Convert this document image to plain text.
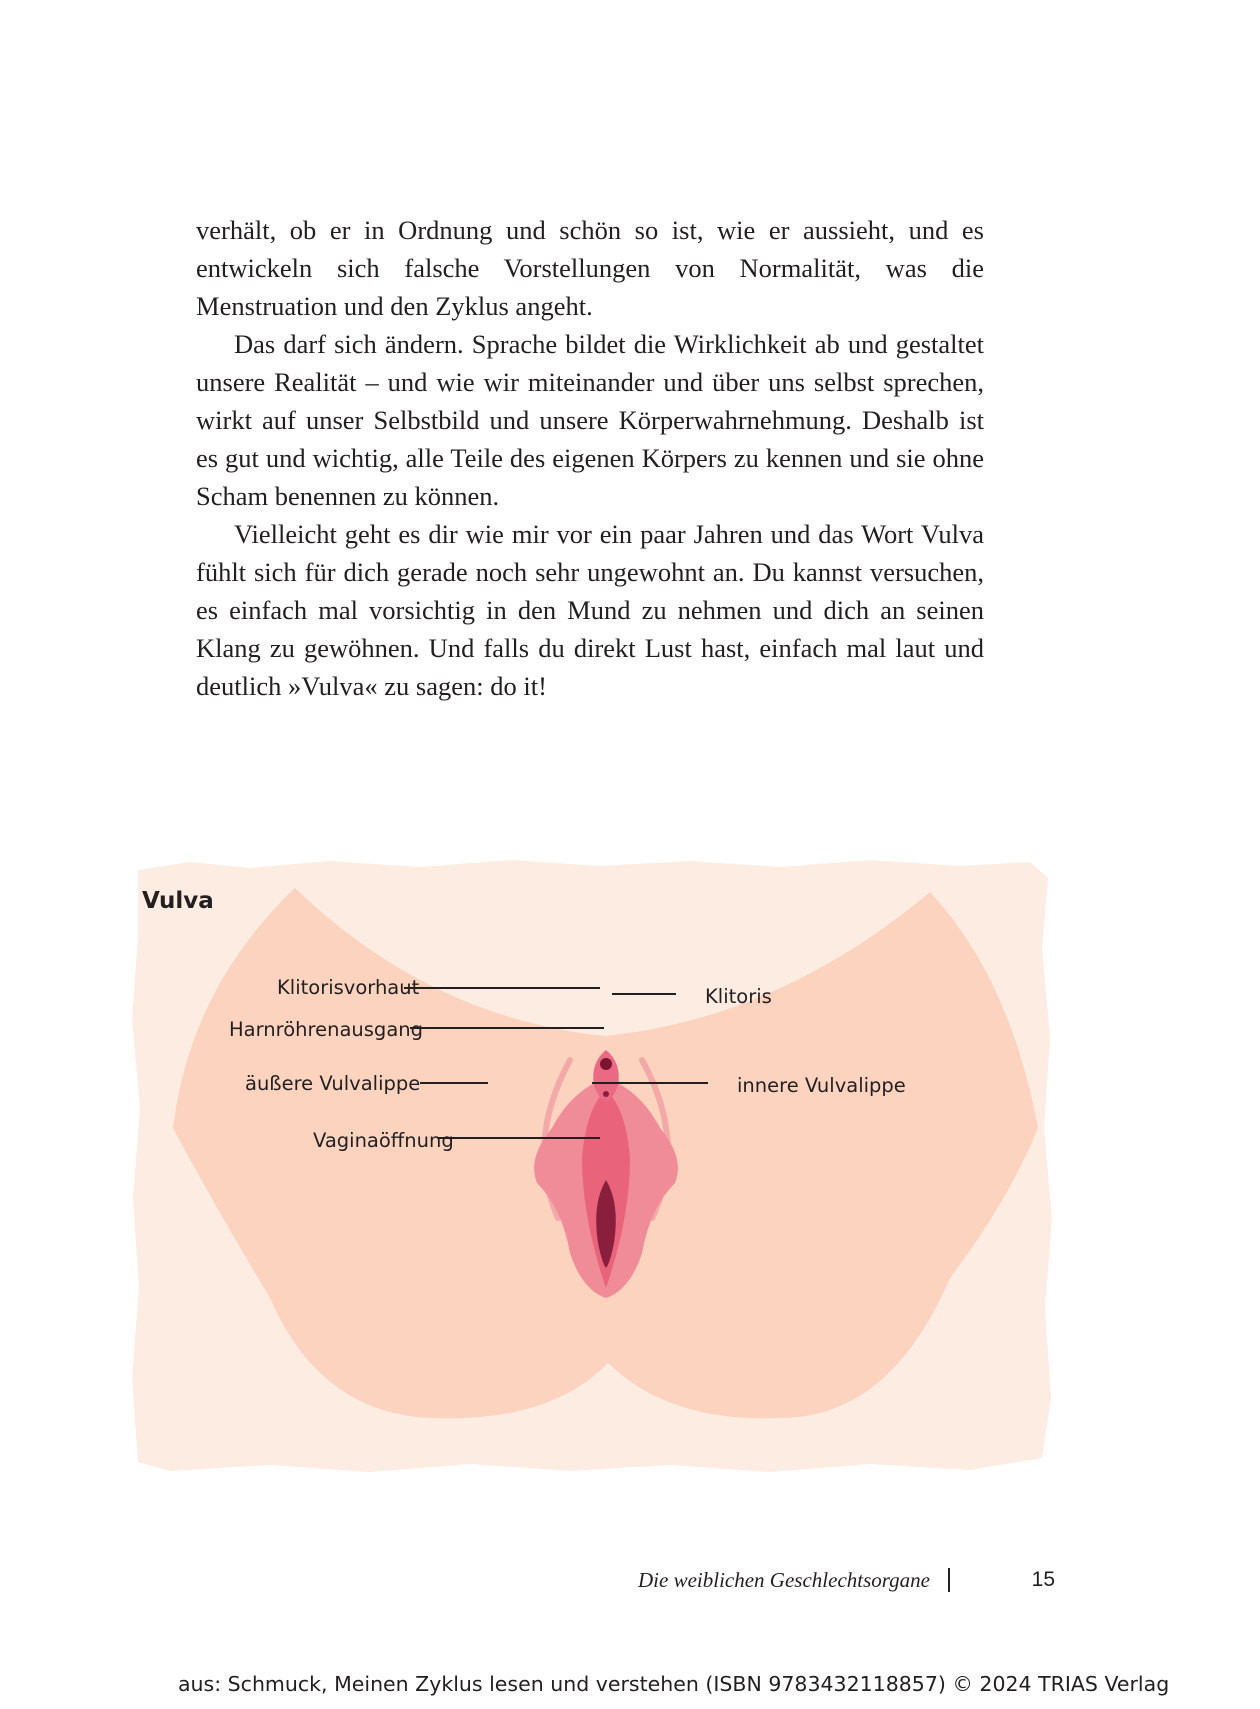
verhält, ob er in Ordnung und schön so ist, wie er aussieht, und es entwickeln sich falsche Vorstellungen von Normalität, was die Menstruation und den Zyklus angeht.

Das darf sich ändern. Sprache bildet die Wirklichkeit ab und gestaltet unsere Realität – und wie wir miteinander und über uns selbst sprechen, wirkt auf unser Selbstbild und unsere Körperwahrnehmung. Deshalb ist es gut und wichtig, alle Teile des eigenen Körpers zu kennen und sie ohne Scham benennen zu können.

Vielleicht geht es dir wie mir vor ein paar Jahren und das Wort Vulva fühlt sich für dich gerade noch sehr ungewohnt an. Du kannst versuchen, es einfach mal vorsichtig in den Mund zu nehmen und dich an seinen Klang zu gewöhnen. Und falls du direkt Lust hast, einfach mal laut und deutlich »Vulva« zu sagen: do it!

Vulva
Klitorisvorhaut
Harnröhrenausgang
äußere Vulvalippe
Vaginaöffnung
Klitoris
innere Vulvalippe
Die weiblichen Geschlechtsorgane	15
aus: Schmuck, Meinen Zyklus lesen und verstehen (ISBN 9783432118857) © 2024 TRIAS Verlag
